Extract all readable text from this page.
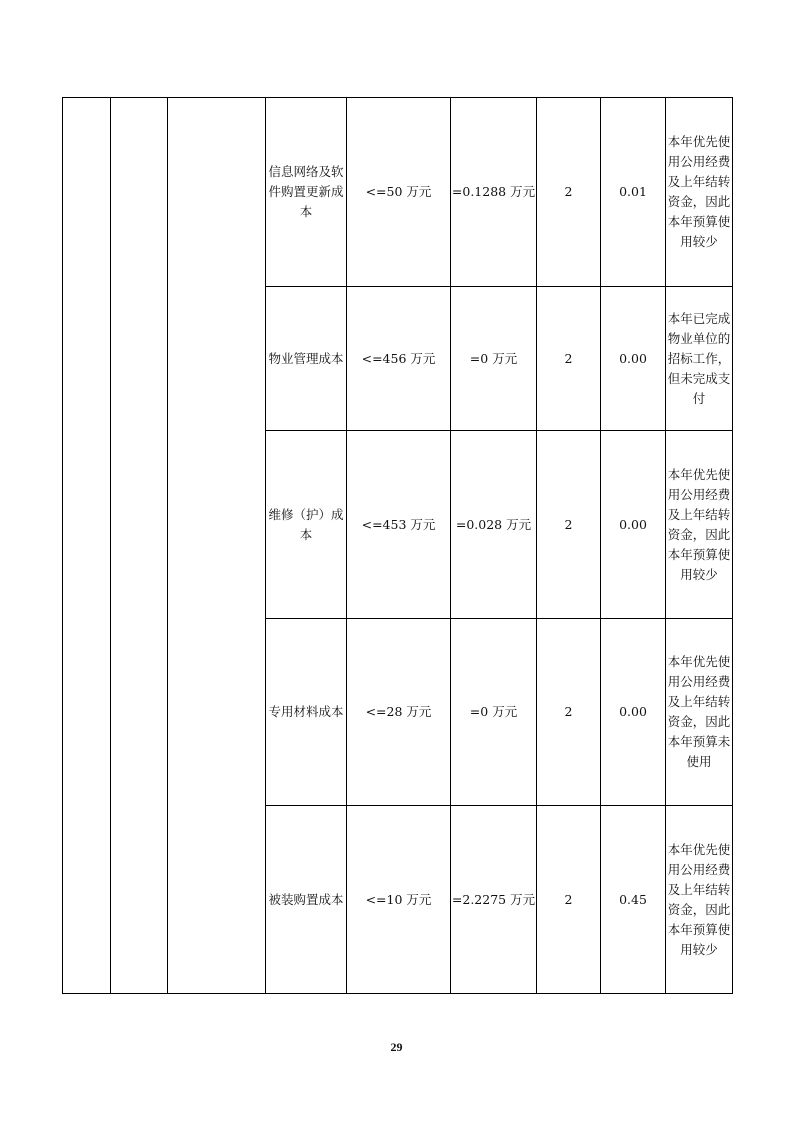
			信息网络及软件购置更新成本	<=50 万元	=0.1288 万元	2	0.01	本年优先使用公用经费及上年结转资金，因此本年预算使用较少
			物业管理成本	<=456 万元	=0 万元	2	0.00	本年已完成物业单位的招标工作，但未完成支付
			维修（护）成本	<=453 万元	=0.028 万元	2	0.00	本年优先使用公用经费及上年结转资金，因此本年预算使用较少
			专用材料成本	<=28 万元	=0 万元	2	0.00	本年优先使用公用经费及上年结转资金，因此本年预算未使用
			被装购置成本	<=10 万元	=2.2275 万元	2	0.45	本年优先使用公用经费及上年结转资金，因此本年预算使用较少
29
